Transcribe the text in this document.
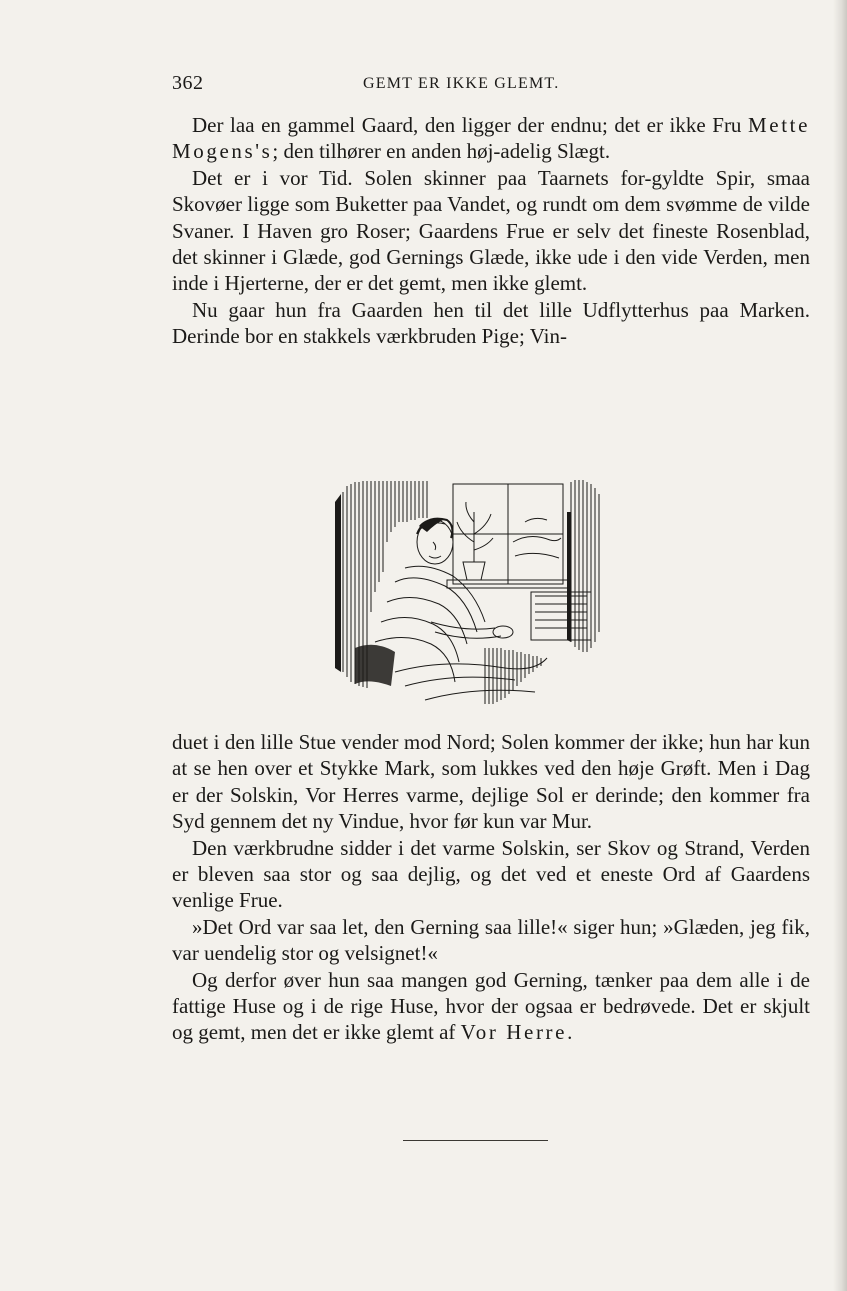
362	GEMT ER IKKE GLEMT.

Der laa en gammel Gaard, den ligger der endnu; det er ikke Fru Mette Mogens's; den tilhører en anden høj-adelig Slægt.

Det er i vor Tid. Solen skinner paa Taarnets for-gyldte Spir, smaa Skovøer ligge som Buketter paa Vandet, og rundt om dem svømme de vilde Svaner. I Haven gro Roser; Gaardens Frue er selv det fineste Rosenblad, det skinner i Glæde, god Gernings Glæde, ikke ude i den vide Verden, men inde i Hjerterne, der er det gemt, men ikke glemt.

Nu gaar hun fra Gaarden hen til det lille Udflytterhus paa Marken. Derinde bor en stakkels værkbruden Pige; Vin-

duet i den lille Stue vender mod Nord; Solen kommer der ikke; hun har kun at se hen over et Stykke Mark, som lukkes ved den høje Grøft. Men i Dag er der Solskin, Vor Herres varme, dejlige Sol er derinde; den kommer fra Syd gennem det ny Vindue, hvor før kun var Mur.

Den værkbrudne sidder i det varme Solskin, ser Skov og Strand, Verden er bleven saa stor og saa dejlig, og det ved et eneste Ord af Gaardens venlige Frue.

»Det Ord var saa let, den Gerning saa lille!« siger hun; »Glæden, jeg fik, var uendelig stor og velsignet!«

Og derfor øver hun saa mangen god Gerning, tænker paa dem alle i de fattige Huse og i de rige Huse, hvor der ogsaa er bedrøvede. Det er skjult og gemt, men det er ikke glemt af Vor Herre.
